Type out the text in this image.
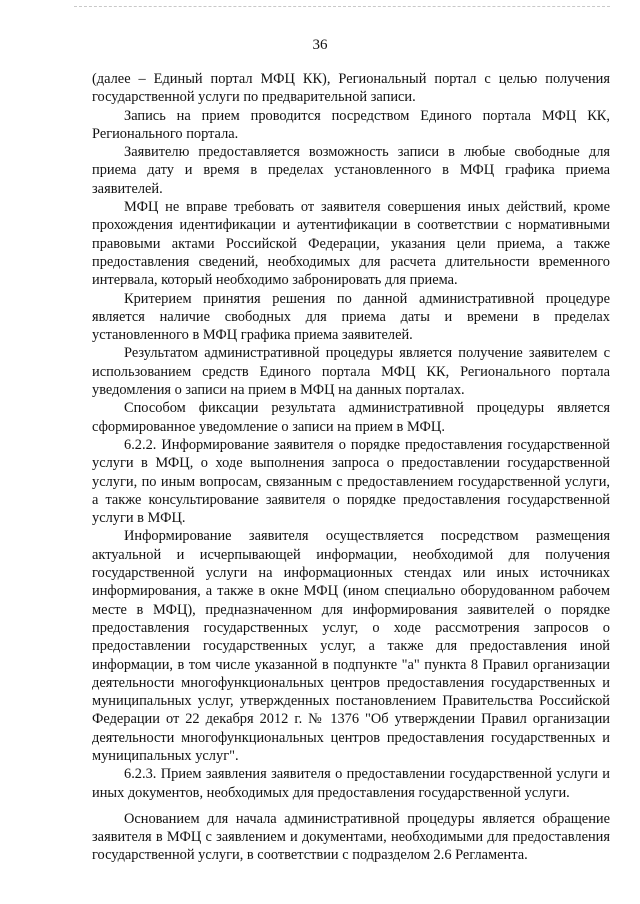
36

(далее – Единый портал МФЦ КК), Региональный портал с целью получения государственной услуги по предварительной записи.

Запись на прием проводится посредством Единого портала МФЦ КК, Регионального портала.

Заявителю предоставляется возможность записи в любые свободные для приема дату и время в пределах установленного в МФЦ графика приема заявителей.

МФЦ не вправе требовать от заявителя совершения иных действий, кроме прохождения идентификации и аутентификации в соответствии с нормативными правовыми актами Российской Федерации, указания цели приема, а также предоставления сведений, необходимых для расчета длительности временного интервала, который необходимо забронировать для приема.

Критерием принятия решения по данной административной процедуре является наличие свободных для приема даты и времени в пределах установленного в МФЦ графика приема заявителей.

Результатом административной процедуры является получение заявителем с использованием средств Единого портала МФЦ КК, Регионального портала уведомления о записи на прием в МФЦ на данных порталах.

Способом фиксации результата административной процедуры является сформированное уведомление о записи на прием в МФЦ.

6.2.2. Информирование заявителя о порядке предоставления государственной услуги в МФЦ, о ходе выполнения запроса о предоставлении государственной услуги, по иным вопросам, связанным с предоставлением государственной услуги, а также консультирование заявителя о порядке предоставления государственной услуги в МФЦ.

Информирование заявителя осуществляется посредством размещения актуальной и исчерпывающей информации, необходимой для получения государственной услуги на информационных стендах или иных источниках информирования, а также в окне МФЦ (ином специально оборудованном рабочем месте в МФЦ), предназначенном для информирования заявителей о порядке предоставления государственных услуг, о ходе рассмотрения запросов о предоставлении государственных услуг, а также для предоставления иной информации, в том числе указанной в подпункте "а" пункта 8 Правил организации деятельности многофункциональных центров предоставления государственных и муниципальных услуг, утвержденных постановлением Правительства Российской Федерации от 22 декабря 2012 г. № 1376 "Об утверждении Правил организации деятельности многофункциональных центров предоставления государственных и муниципальных услуг".

6.2.3. Прием заявления заявителя о предоставлении государственной услуги и иных документов, необходимых для предоставления государственной услуги.

Основанием для начала административной процедуры является обращение заявителя в МФЦ с заявлением и документами, необходимыми для предоставления государственной услуги, в соответствии с подразделом 2.6 Регламента.
